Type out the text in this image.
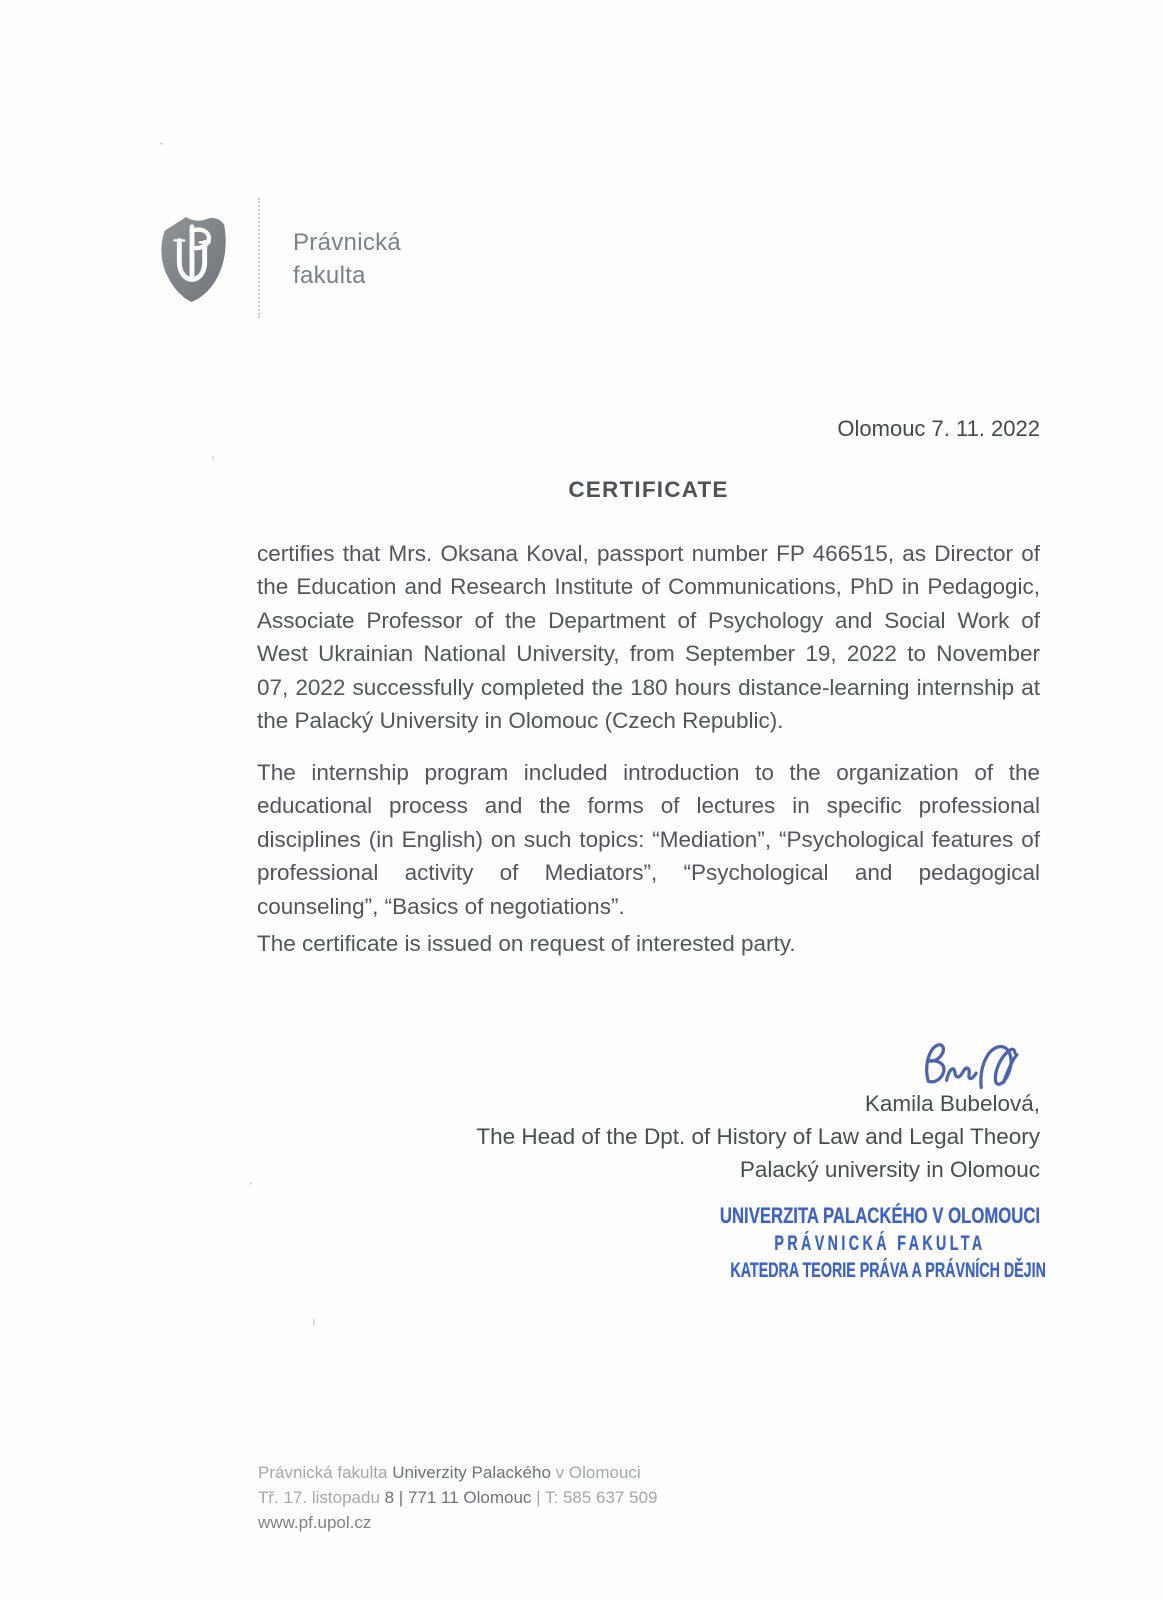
Právnická
fakulta
Olomouc 7. 11. 2022
CERTIFICATE
certifies that Mrs. Oksana Koval, passport number FP 466515, as Director of the Education and Research Institute of Communications, PhD in Pedagogic, Associate Professor of the Department of Psychology and Social Work of West Ukrainian National University, from September 19, 2022 to November 07, 2022 successfully completed the 180 hours distance-learning internship at the Palacký University in Olomouc (Czech Republic).
The internship program included introduction to the organization of the educational process and the forms of lectures in specific professional disciplines (in English) on such topics: “Mediation”, “Psychological features of professional activity of Mediators”, “Psychological and pedagogical counseling”, “Basics of negotiations”.
The certificate is issued on request of interested party.
Kamila Bubelová,
The Head of the Dpt. of History of Law and Legal Theory
Palacký university in Olomouc
UNIVERZITA PALACKÉHO V OLOMOUCI
PRÁVNICKÁ FAKULTA
KATEDRA TEORIE PRÁVA A PRÁVNÍCH DĚJIN
Právnická fakulta Univerzity Palackého v Olomouci
Tř. 17. listopadu 8 | 771 11 Olomouc | T: 585 637 509
www.pf.upol.cz
